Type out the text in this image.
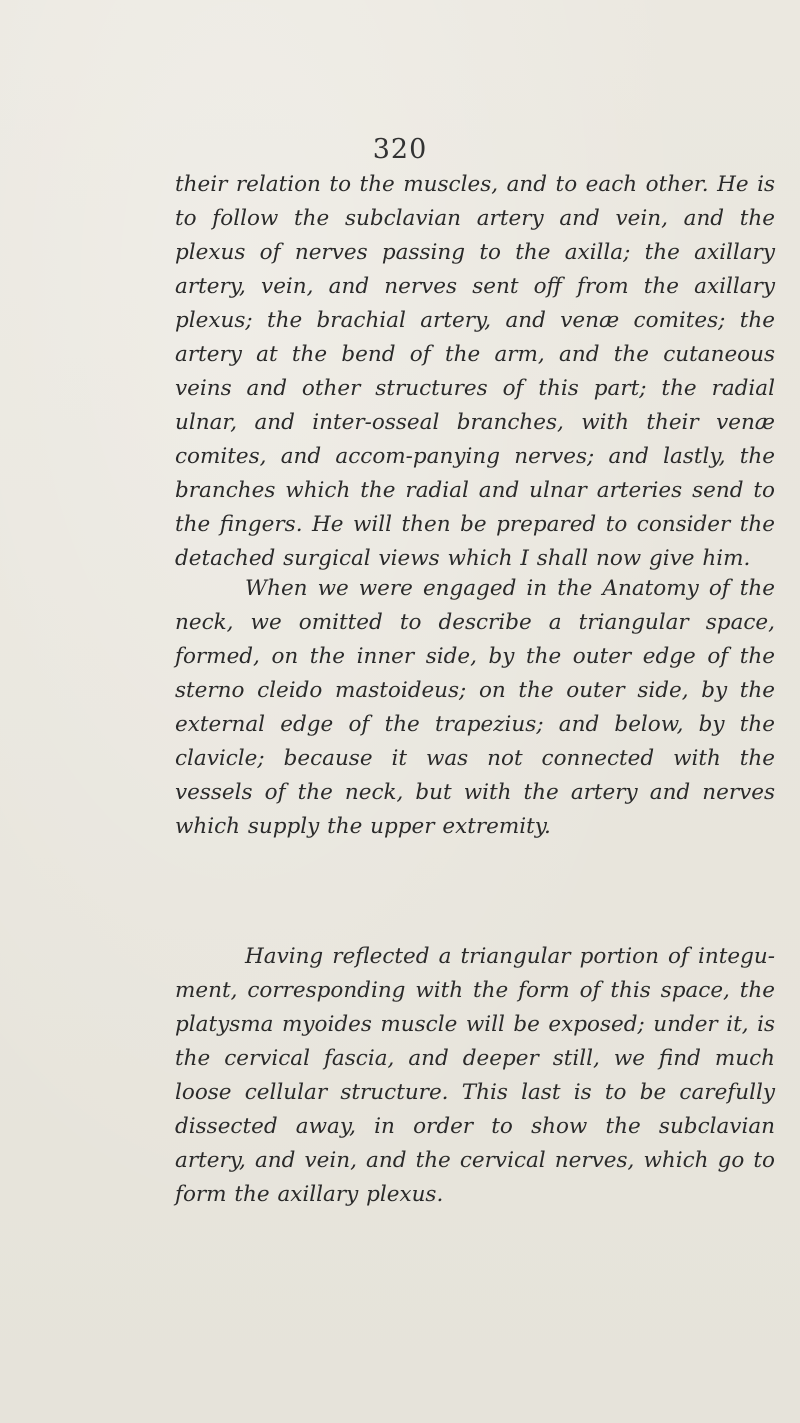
320

their relation to the muscles, and to each other. He is to follow the subclavian artery and vein, and the plexus of nerves passing to the axilla; the axillary artery, vein, and nerves sent off from the axillary plexus; the brachial artery, and venæ comites; the artery at the bend of the arm, and the cutaneous veins and other structures of this part; the radial ulnar, and inter-osseal branches, with their venæ comites, and accom-panying nerves; and lastly, the branches which the radial and ulnar arteries send to the fingers. He will then be prepared to consider the detached surgical views which I shall now give him.

When we were engaged in the Anatomy of the neck, we omitted to describe a triangular space, formed, on the inner side, by the outer edge of the sterno cleido mastoideus; on the outer side, by the external edge of the trapezius; and below, by the clavicle; because it was not connected with the vessels of the neck, but with the artery and nerves which supply the upper extremity.

Having reflected a triangular portion of integu-ment, corresponding with the form of this space, the platysma myoides muscle will be exposed; under it, is the cervical fascia, and deeper still, we find much loose cellular structure. This last is to be carefully dissected away, in order to show the subclavian artery, and vein, and the cervical nerves, which go to form the axillary plexus.
